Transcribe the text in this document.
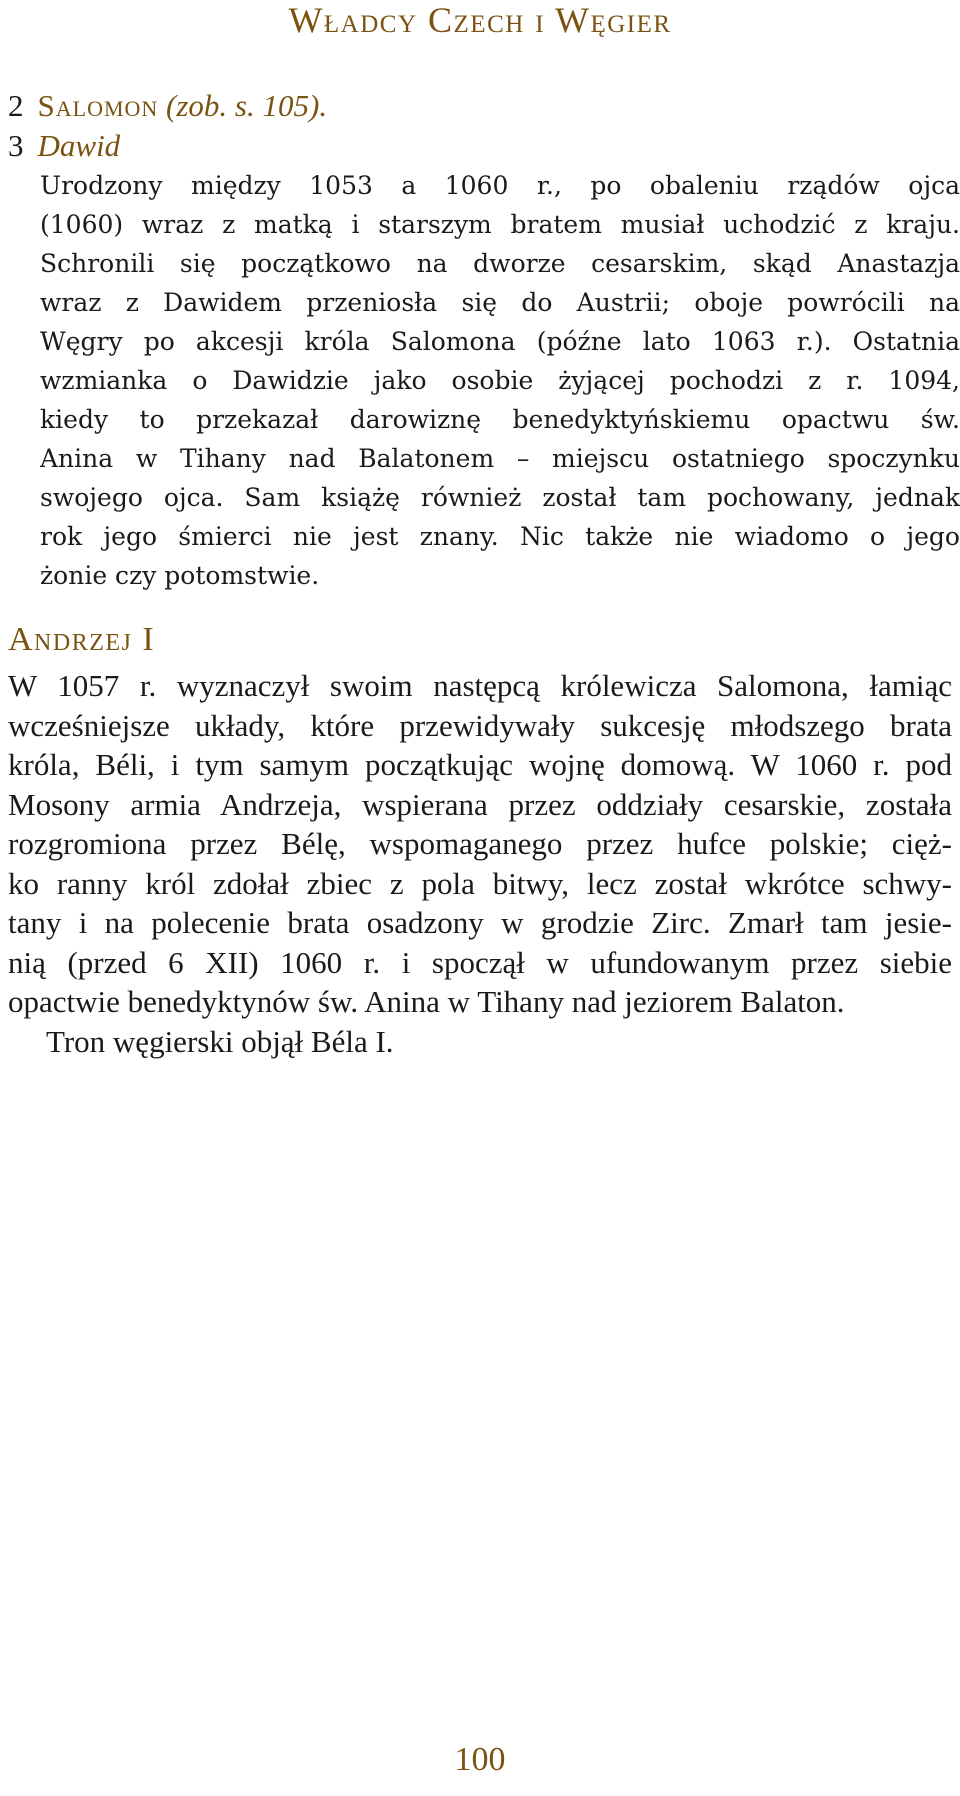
Władcy Czech i Węgier
2 Salomon (zob. s. 105).
3 Dawid
Urodzony między 1053 a 1060 r., po obaleniu rządów ojca
(1060) wraz z matką i starszym bratem musiał uchodzić z kraju.
Schronili się początkowo na dworze cesarskim, skąd Anastazja
wraz z Dawidem przeniosła się do Austrii; oboje powrócili na
Węgry po akcesji króla Salomona (późne lato 1063 r.). Ostatnia
wzmianka o Dawidzie jako osobie żyjącej pochodzi z r. 1094,
kiedy to przekazał darowiznę benedyktyńskiemu opactwu św.
Anina w Tihany nad Balatonem – miejscu ostatniego spoczynku
swojego ojca. Sam książę również został tam pochowany, jednak
rok jego śmierci nie jest znany. Nic także nie wiadomo o jego
żonie czy potomstwie.
Andrzej I
W 1057 r. wyznaczył swoim następcą królewicza Salomona, łamiąc
wcześniejsze układy, które przewidywały sukcesję młodszego brata
króla, Béli, i tym samym początkując wojnę domową. W 1060 r. pod
Mosony armia Andrzeja, wspierana przez oddziały cesarskie, została
rozgromiona przez Bélę, wspomaganego przez hufce polskie; cięż-
ko ranny król zdołał zbiec z pola bitwy, lecz został wkrótce schwy-
tany i na polecenie brata osadzony w grodzie Zirc. Zmarł tam jesie-
nią (przed 6 XII) 1060 r. i spoczął w ufundowanym przez siebie
opactwie benedyktynów św. Anina w Tihany nad jeziorem Balaton.
Tron węgierski objął Béla I.
100
